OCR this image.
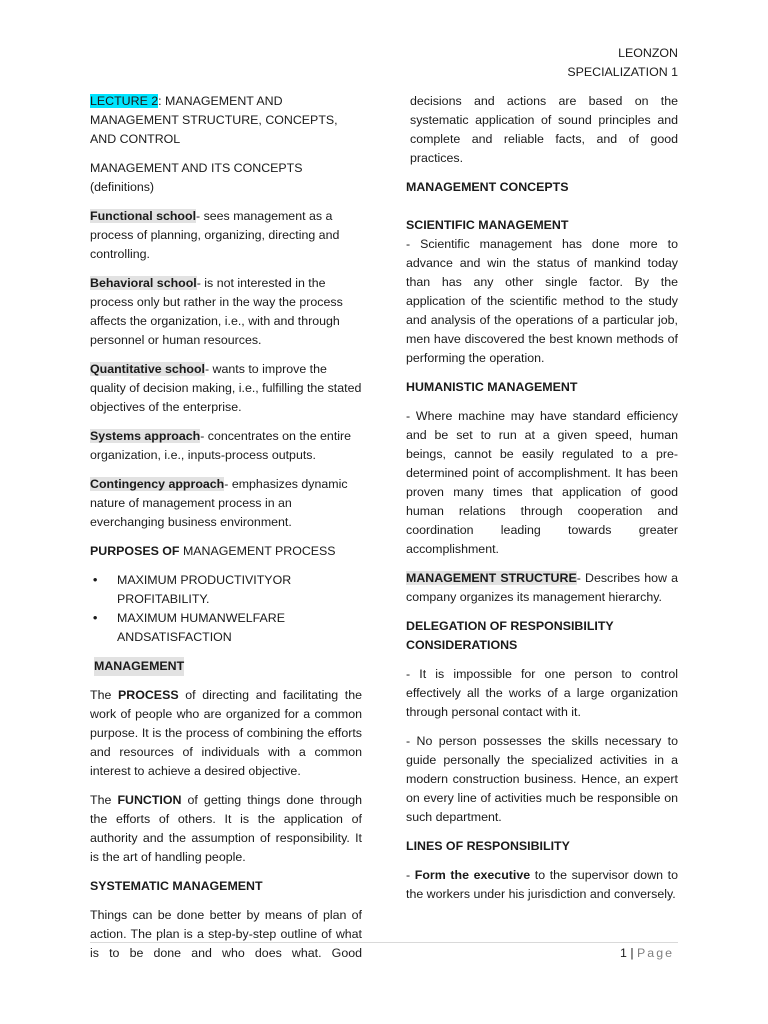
LEONZON
SPECIALIZATION 1

LECTURE 2: MANAGEMENT AND MANAGEMENT STRUCTURE, CONCEPTS, AND CONTROL

MANAGEMENT AND ITS CONCEPTS (definitions)

Functional school- sees management as a process of planning, organizing, directing and controlling.

Behavioral school- is not interested in the process only but rather in the way the process affects the organization, i.e., with and through personnel or human resources.

Quantitative school- wants to improve the quality of decision making, i.e., fulfilling the stated objectives of the enterprise.

Systems approach- concentrates on the entire organization, i.e., inputs-process outputs.

Contingency approach- emphasizes dynamic nature of management process in an everchanging business environment.

PURPOSES OF MANAGEMENT PROCESS

• MAXIMUM PRODUCTIVITYOR PROFITABILITY.
• MAXIMUM HUMANWELFARE ANDSATISFACTION
MANAGEMENT

The PROCESS of directing and facilitating the work of people who are organized for a common purpose. It is the process of combining the efforts and resources of individuals with a common interest to achieve a desired objective.

The FUNCTION of getting things done through the efforts of others. It is the application of authority and the assumption of responsibility. It is the art of handling people.

SYSTEMATIC MANAGEMENT

Things can be done better by means of plan of action. The plan is a step-by-step outline of what is to be done and who does what. Good

decisions and actions are based on the systematic application of sound principles and complete and reliable facts, and of good practices.

MANAGEMENT CONCEPTS

SCIENTIFIC MANAGEMENT

- Scientific management has done more to advance and win the status of mankind today than has any other single factor. By the application of the scientific method to the study and analysis of the operations of a particular job, men have discovered the best known methods of performing the operation.

HUMANISTIC MANAGEMENT

- Where machine may have standard efficiency and be set to run at a given speed, human beings, cannot be easily regulated to a pre-determined point of accomplishment. It has been proven many times that application of good human relations through cooperation and coordination leading towards greater accomplishment.

MANAGEMENT STRUCTURE- Describes how a company organizes its management hierarchy.

DELEGATION OF RESPONSIBILITY CONSIDERATIONS

- It is impossible for one person to control effectively all the works of a large organization through personal contact with it.

- No person possesses the skills necessary to guide personally the specialized activities in a modern construction business. Hence, an expert on every line of activities much be responsible on such department.

LINES OF RESPONSIBILITY

- Form the executive to the supervisor down to the workers under his jurisdiction and conversely.

1 | Page
